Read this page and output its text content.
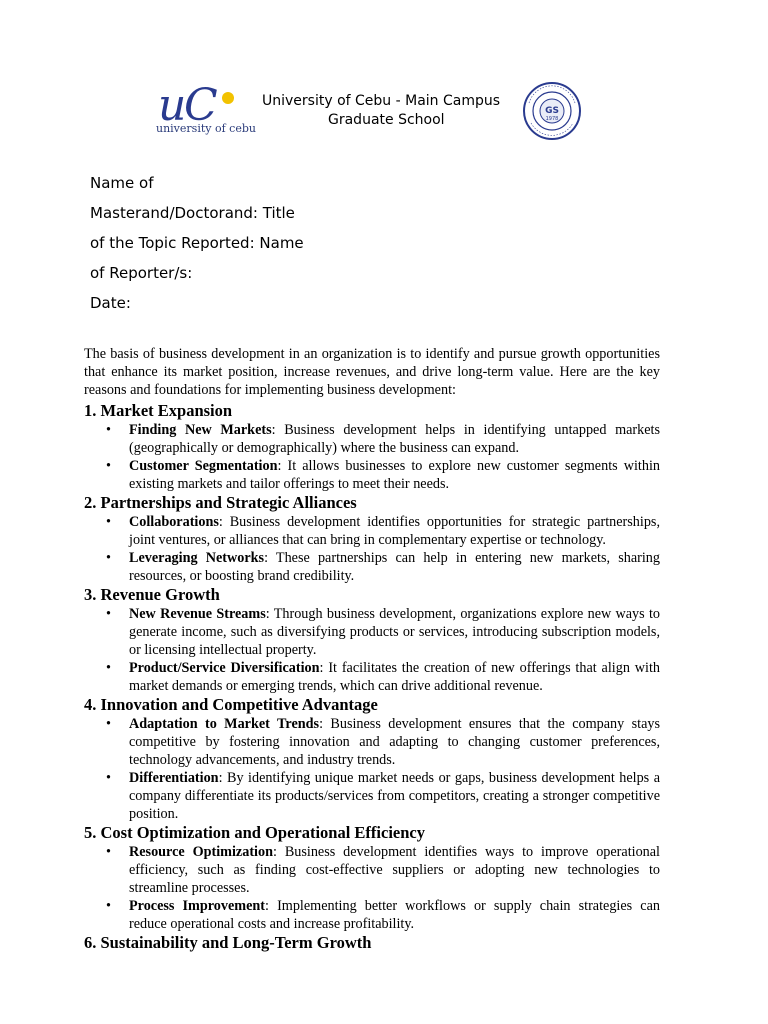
u
C
university of cebu
University of Cebu - Main Campus
Graduate School
GS
1978
Name of
Masterand/Doctorand: Title
of the Topic Reported: Name
of Reporter/s:
Date:

The basis of business development in an organization is to identify and pursue growth opportunities that enhance its market position, increase revenues, and drive long-term value. Here are the key reasons and foundations for implementing business development:

1. Market Expansion
• Finding New Markets: Business development helps in identifying untapped markets (geographically or demographically) where the business can expand.
• Customer Segmentation: It allows businesses to explore new customer segments within existing markets and tailor offerings to meet their needs.
2. Partnerships and Strategic Alliances
• Collaborations: Business development identifies opportunities for strategic partnerships, joint ventures, or alliances that can bring in complementary expertise or technology.
• Leveraging Networks: These partnerships can help in entering new markets, sharing resources, or boosting brand credibility.
3. Revenue Growth
• New Revenue Streams: Through business development, organizations explore new ways to generate income, such as diversifying products or services, introducing subscription models, or licensing intellectual property.
• Product/Service Diversification: It facilitates the creation of new offerings that align with market demands or emerging trends, which can drive additional revenue.
4. Innovation and Competitive Advantage
• Adaptation to Market Trends: Business development ensures that the company stays competitive by fostering innovation and adapting to changing customer preferences, technology advancements, and industry trends.
• Differentiation: By identifying unique market needs or gaps, business development helps a company differentiate its products/services from competitors, creating a stronger competitive position.
5. Cost Optimization and Operational Efficiency
• Resource Optimization: Business development identifies ways to improve operational efficiency, such as finding cost-effective suppliers or adopting new technologies to streamline processes.
• Process Improvement: Implementing better workflows or supply chain strategies can reduce operational costs and increase profitability.
6. Sustainability and Long-Term Growth
